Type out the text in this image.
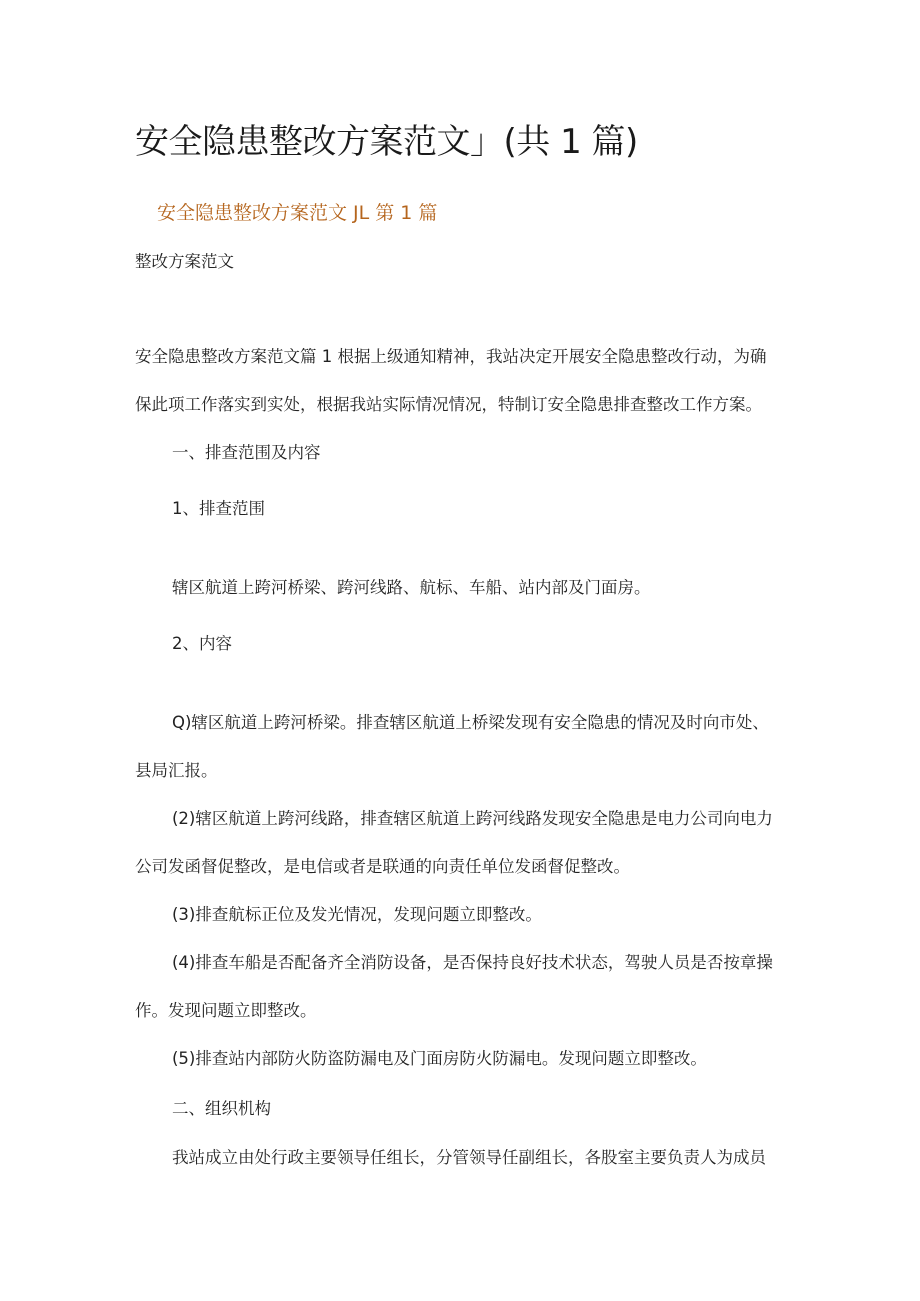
安全隐患整改方案范文」(共 1 篇)
安全隐患整改方案范文 JL 第 1 篇

整改方案范文

安全隐患整改方案范文篇 1 根据上级通知精神，我站决定开展安全隐患整改行动，为确

保此项工作落实到实处，根据我站实际情况情况，特制订安全隐患排查整改工作方案。

一、排查范围及内容

1、排查范围

辖区航道上跨河桥梁、跨河线路、航标、车船、站内部及门面房。

2、内容

Q)辖区航道上跨河桥梁。排查辖区航道上桥梁发现有安全隐患的情况及时向市处、

县局汇报。

(2)辖区航道上跨河线路，排查辖区航道上跨河线路发现安全隐患是电力公司向电力

公司发函督促整改，是电信或者是联通的向责任单位发函督促整改。

(3)排查航标正位及发光情况，发现问题立即整改。

(4)排查车船是否配备齐全消防设备，是否保持良好技术状态，驾驶人员是否按章操

作。发现问题立即整改。

(5)排查站内部防火防盗防漏电及门面房防火防漏电。发现问题立即整改。

二、组织机构

我站成立由处行政主要领导任组长，分管领导任副组长，各股室主要负责人为成员
